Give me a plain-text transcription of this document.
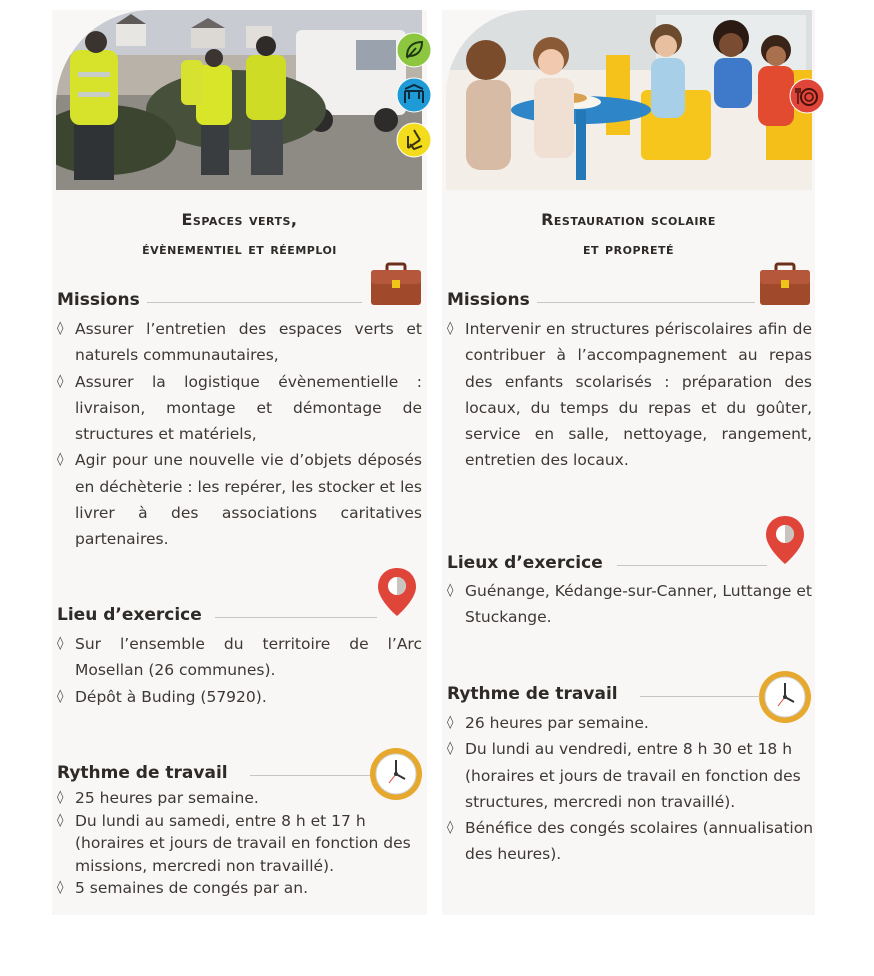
Espaces verts,
évènementiel et réemploi
Missions
◊ Assurer l’entretien des espaces verts et naturels communautaires,
◊ Assurer la logistique évènementielle : livraison, montage et démontage de structures et matériels,
◊ Agir pour une nouvelle vie d’objets déposés en déchèterie : les repérer, les stocker et les livrer à des associations caritatives partenaires.
Lieu d’exercice
◊ Sur l’ensemble du territoire de l’Arc Mosellan (26 communes).
◊ Dépôt à Buding (57920).
Rythme de travail
◊ 25 heures par semaine.
◊ Du lundi au samedi, entre 8 h et 17 h (horaires et jours de travail en fonction des missions, mercredi non travaillé).
◊ 5 semaines de congés par an.
Restauration scolaire
et propreté
Missions
◊ Intervenir en structures périscolaires afin de contribuer à l’accompagnement au repas des enfants scolarisés : préparation des locaux, du temps du repas et du goûter, service en salle, nettoyage, rangement, entretien des locaux.
Lieux d’exercice
◊ Guénange, Kédange-sur-Canner, Luttange et Stuckange.
Rythme de travail
◊ 26 heures par semaine.
◊ Du lundi au vendredi, entre 8 h 30 et 18 h (horaires et jours de travail en fonction des structures, mercredi non travaillé).
◊ Bénéfice des congés scolaires (annualisation des heures).
